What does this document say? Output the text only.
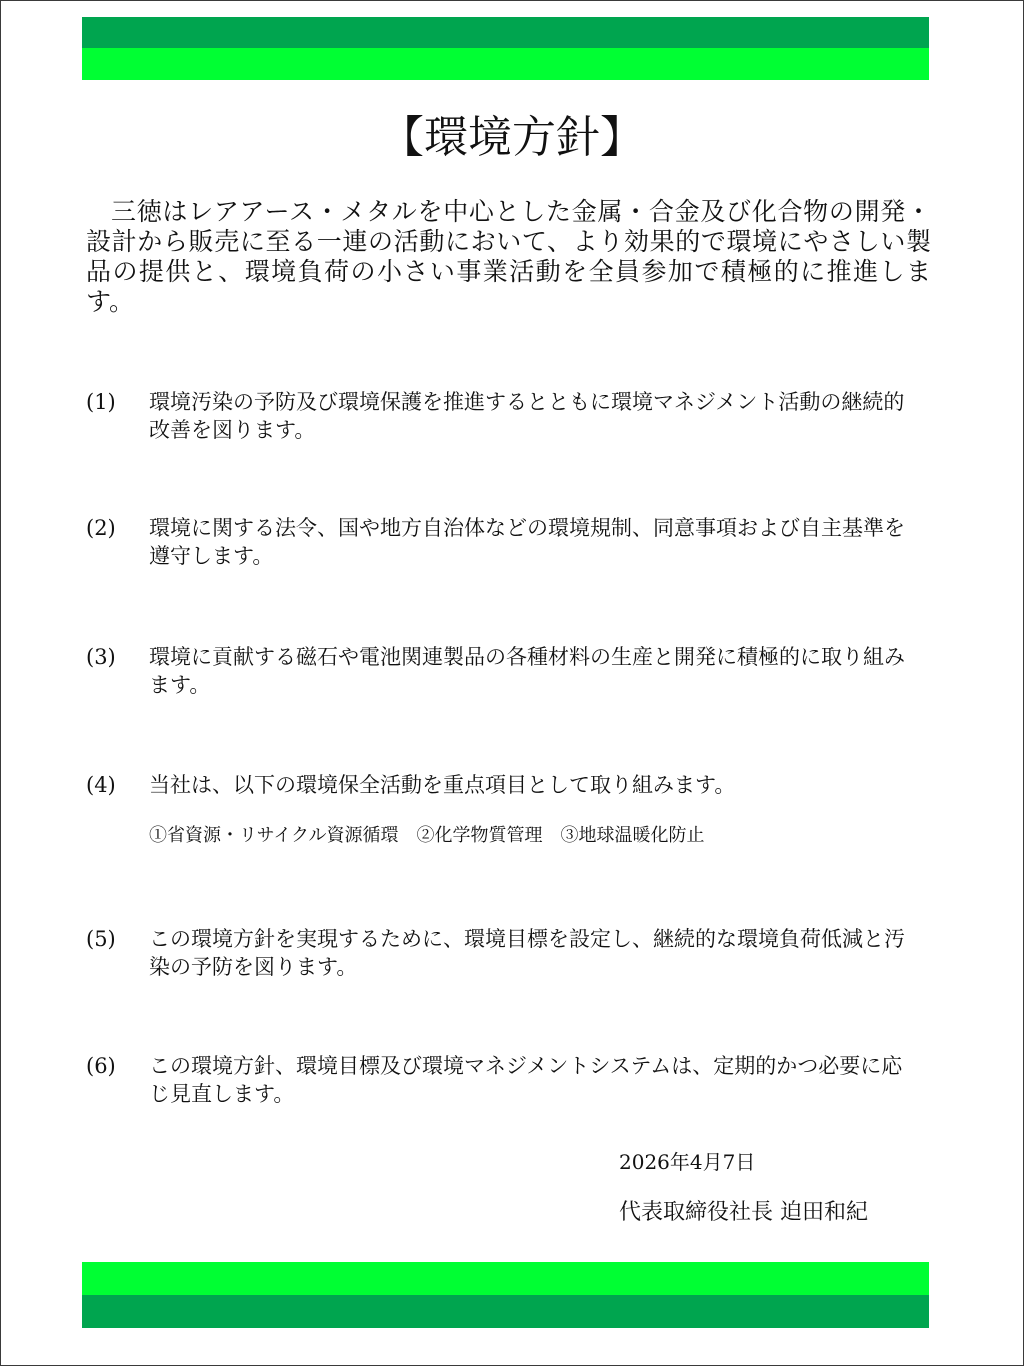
【環境方針】

三徳はレアアース・メタルを中心とした金属・合金及び化合物の開発・設計から販売に至る一連の活動において、より効果的で環境にやさしい製品の提供と、環境負荷の小さい事業活動を全員参加で積極的に推進します。

(1)	環境汚染の予防及び環境保護を推進するとともに環境マネジメント活動の継続的改善を図ります。
(2)	環境に関する法令、国や地方自治体などの環境規制、同意事項および自主基準を遵守します。
(3)	環境に貢献する磁石や電池関連製品の各種材料の生産と開発に積極的に取り組みます。
(4)	当社は、以下の環境保全活動を重点項目として取り組みます。
①省資源・リサイクル資源循環　②化学物質管理　③地球温暖化防止
(5)	この環境方針を実現するために、環境目標を設定し、継続的な環境負荷低減と汚染の予防を図ります。
(6)	この環境方針、環境目標及び環境マネジメントシステムは、定期的かつ必要に応じ見直します。
2026年4月7日
代表取締役社長 迫田和紀
